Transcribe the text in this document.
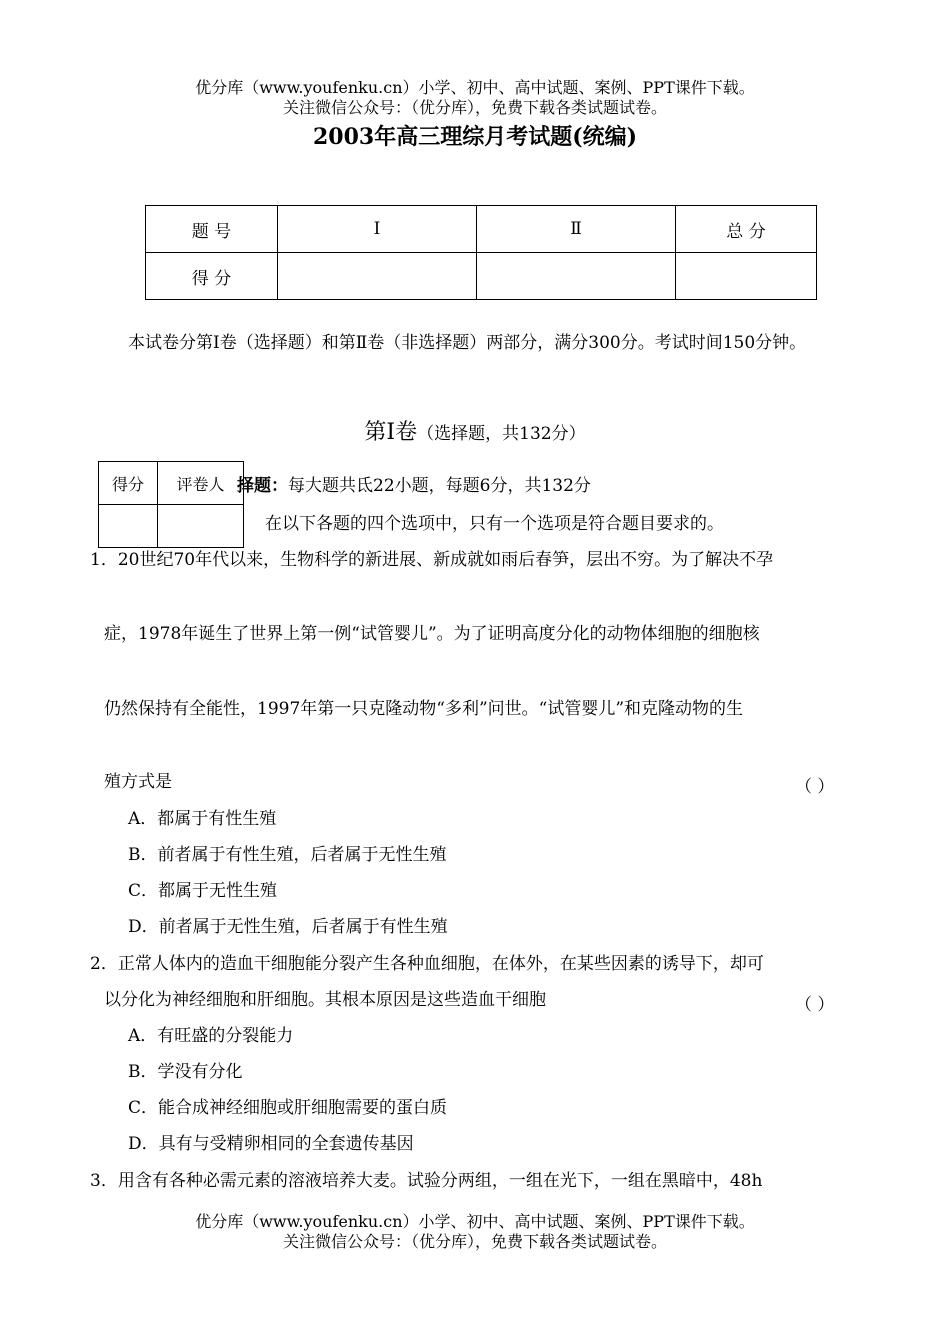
优分库（www.youfenku.cn）小学、初中、高中试题、案例、PPT课件下载。
关注微信公众号：（优分库），免费下载各类试题试卷。
2003年高三理综月考试题(统编)
题 号	Ⅰ	Ⅱ	总 分
得 分			
本试卷分第Ⅰ卷（选择题）和第Ⅱ卷（非选择题）两部分，满分300分。考试时间150分钟。
第Ⅰ卷（选择题，共132分）
择题： 每大题共氐22小题，每题6分，共132分
在以下各题的四个选项中，只有一个选项是符合题目要求的。
得分	评卷人

1．20世纪70年代以来，生物科学的新进展、新成就如雨后春笋，层出不穷。为了解决不孕
症，1978年诞生了世界上第一例“试管婴儿”。为了证明高度分化的动物体细胞的细胞核
仍然保持有全能性，1997年第一只克隆动物“多利”问世。“试管婴儿”和克隆动物的生
殖方式是	（ ）
A．都属于有性生殖
B．前者属于有性生殖，后者属于无性生殖
C．都属于无性生殖
D．前者属于无性生殖，后者属于有性生殖
2．正常人体内的造血干细胞能分裂产生各种血细胞，在体外，在某些因素的诱导下，却可
以分化为神经细胞和肝细胞。其根本原因是这些造血干细胞	（ ）
A．有旺盛的分裂能力
B．学没有分化
C．能合成神经细胞或肝细胞需要的蛋白质
D．具有与受精卵相同的全套遗传基因
3．用含有各种必需元素的溶液培养大麦。试验分两组，一组在光下，一组在黑暗中，48h
优分库（www.youfenku.cn）小学、初中、高中试题、案例、PPT课件下载。
关注微信公众号：（优分库），免费下载各类试题试卷。
